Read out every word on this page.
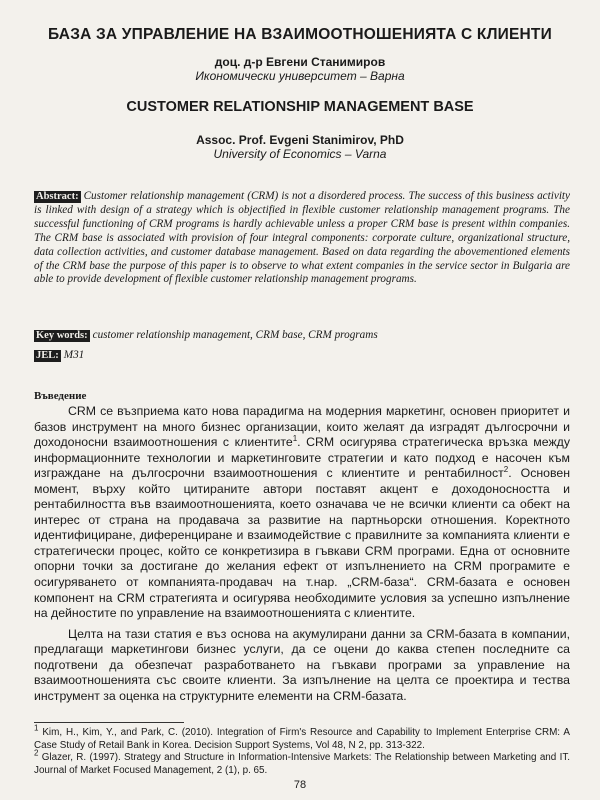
БАЗА ЗА УПРАВЛЕНИЕ НА ВЗАИМООТНОШЕНИЯТА С КЛИЕНТИ
доц. д-р Евгени Станимиров
Икономически университет – Варна
CUSTOMER RELATIONSHIP MANAGEMENT BASE
Assoc. Prof. Evgeni Stanimirov, PhD
University of Economics – Varna
Abstract: Customer relationship management (CRM) is not a disordered process. The success of this business activity is linked with design of a strategy which is objectified in flexible customer relationship management programs. The successful functioning of CRM programs is hardly achievable unless a proper CRM base is present within companies. The CRM base is associated with provision of four integral components: corporate culture, organizational structure, data collection activities, and customer database management. Based on data regarding the abovementioned elements of the CRM base the purpose of this paper is to observe to what extent companies in the service sector in Bulgaria are able to provide development of flexible customer relationship management programs.
Key words: customer relationship management, CRM base, CRM programs
JEL: M31
Въведение

CRM се възприема като нова парадигма на модерния маркетинг, основен приоритет и базов инструмент на много бизнес организации, които желаят да изградят дългосрочни и доходоносни взаимоотношения с клиентите$^1$. CRM осигурява стратегическа връзка между информационните технологии и маркетинговите стратегии и като подход е насочен към изграждане на дългосрочни взаимоотношения с клиентите и рентабилност$^2$. Основен момент, върху който цитираните автори поставят акцент е доходоносността и рентабилността във взаимоотношенията, което означава че не всички клиенти са обект на интерес от страна на продавача за развитие на партньорски отношения. Коректното идентифициране, диференциране и взаимодействие с правилните за компанията клиенти е стратегически процес, който се конкретизира в гъвкави CRM програми. Една от основните опорни точки за достигане до желания ефект от изпълнението на CRM програмите е осигуряването от компанията-продавач на т.нар. „CRM-база“. CRM-базата е основен компонент на CRM стратегията и осигурява необходимите условия за успешно изпълнение на дейностите по управление на взаимоотношенията с клиентите.

Целта на тази статия е въз основа на акумулирани данни за CRM-базата в компании, предлагащи маркетингови бизнес услуги, да се оцени до каква степен последните са подготвени да обезпечат разработването на гъвкави програми за управление на взаимоотношенията със своите клиенти. За изпълнение на целта се проектира и тества инструмент за оценка на структурните елементи на CRM-базата.

$^1$ Kim, H., Kim, Y., and Park, C. (2010). Integration of Firm's Resource and Capability to Implement Enterprise CRM: A Case Study of Retail Bank in Korea. Decision Support Systems, Vol 48, N 2, pp. 313-322.

$^2$ Glazer, R. (1997). Strategy and Structure in Information-Intensive Markets: The Relationship between Marketing and IT. Journal of Market Focused Management, 2 (1), p. 65.

78
